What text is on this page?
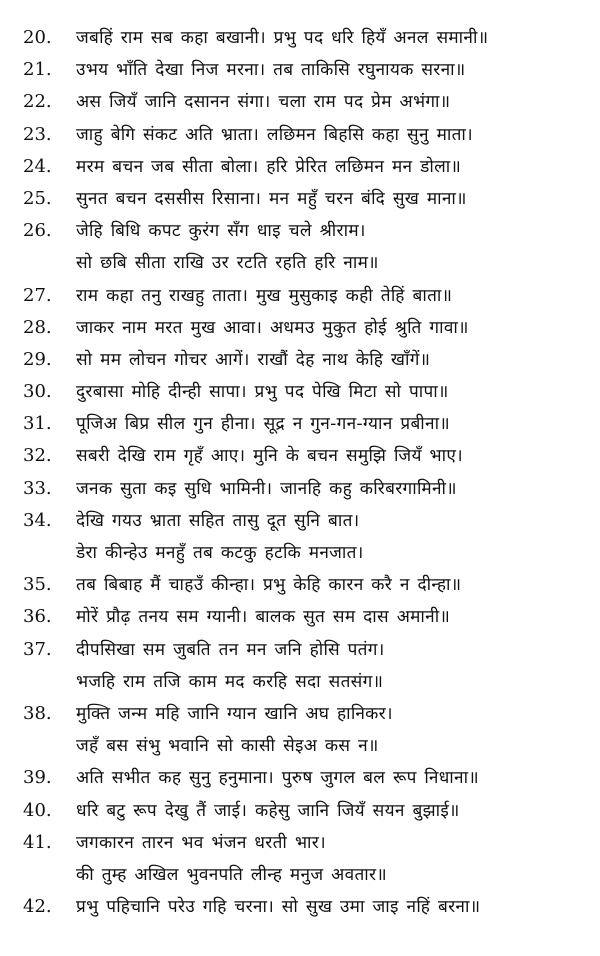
20.	जबहिं राम सब कहा बखानी। प्रभु पद धरि हियँ अनल समानी॥
21.	उभय भाँति देखा निज मरना। तब ताकिसि रघुनायक सरना॥
22.	अस जियँ जानि दसानन संगा। चला राम पद प्रेम अभंगा॥
23.	जाहु बेगि संकट अति भ्राता। लछिमन बिहसि कहा सुनु माता।
24.	मरम बचन जब सीता बोला। हरि प्रेरित लछिमन मन डोला॥
25.	सुनत बचन दससीस रिसाना। मन महुँ चरन बंदि सुख माना॥
26.	जेहि बिधि कपट कुरंग सँग धाइ चले श्रीराम।
सो छबि सीता राखि उर रटति रहति हरि नाम॥
27.	राम कहा तनु राखहु ताता। मुख मुसुकाइ कही तेहिं बाता॥
28.	जाकर नाम मरत मुख आवा। अधमउ मुकुत होई श्रुति गावा॥
29.	सो मम लोचन गोचर आगें। राखौं देह नाथ केहि खाँगें॥
30.	दुरबासा मोहि दीन्ही सापा। प्रभु पद पेखि मिटा सो पापा॥
31.	पूजिअ बिप्र सील गुन हीना। सूद्र न गुन-गन-ग्यान प्रबीना॥
32.	सबरी देखि राम गृहँ आए। मुनि के बचन समुझि जियँ भाए।
33.	जनक सुता कइ सुधि भामिनी। जानहि कहु करिबरगामिनी॥
34.	देखि गयउ भ्राता सहित तासु दूत सुनि बात।
डेरा कीन्हेउ मनहुँ तब कटकु हटकि मनजात।
35.	तब बिबाह मैं चाहउँ कीन्हा। प्रभु केहि कारन करै न दीन्हा॥
36.	मोरें प्रौढ़ तनय सम ग्यानी। बालक सुत सम दास अमानी॥
37.	दीपसिखा सम जुबति तन मन जनि होसि पतंग।
भजहि राम तजि काम मद करहि सदा सतसंग॥
38.	मुक्ति जन्म महि जानि ग्यान खानि अघ हानिकर।
जहँ बस संभु भवानि सो कासी सेइअ कस न॥
39.	अति सभीत कह सुनु हनुमाना। पुरुष जुगल बल रूप निधाना॥
40.	धरि बटु रूप देखु तैं जाई। कहेसु जानि जियँ सयन बुझाई॥
41.	जगकारन तारन भव भंजन धरती भार।
की तुम्ह अखिल भुवनपति लीन्ह मनुज अवतार॥
42.	प्रभु पहिचानि परेउ गहि चरना। सो सुख उमा जाइ नहिं बरना॥
